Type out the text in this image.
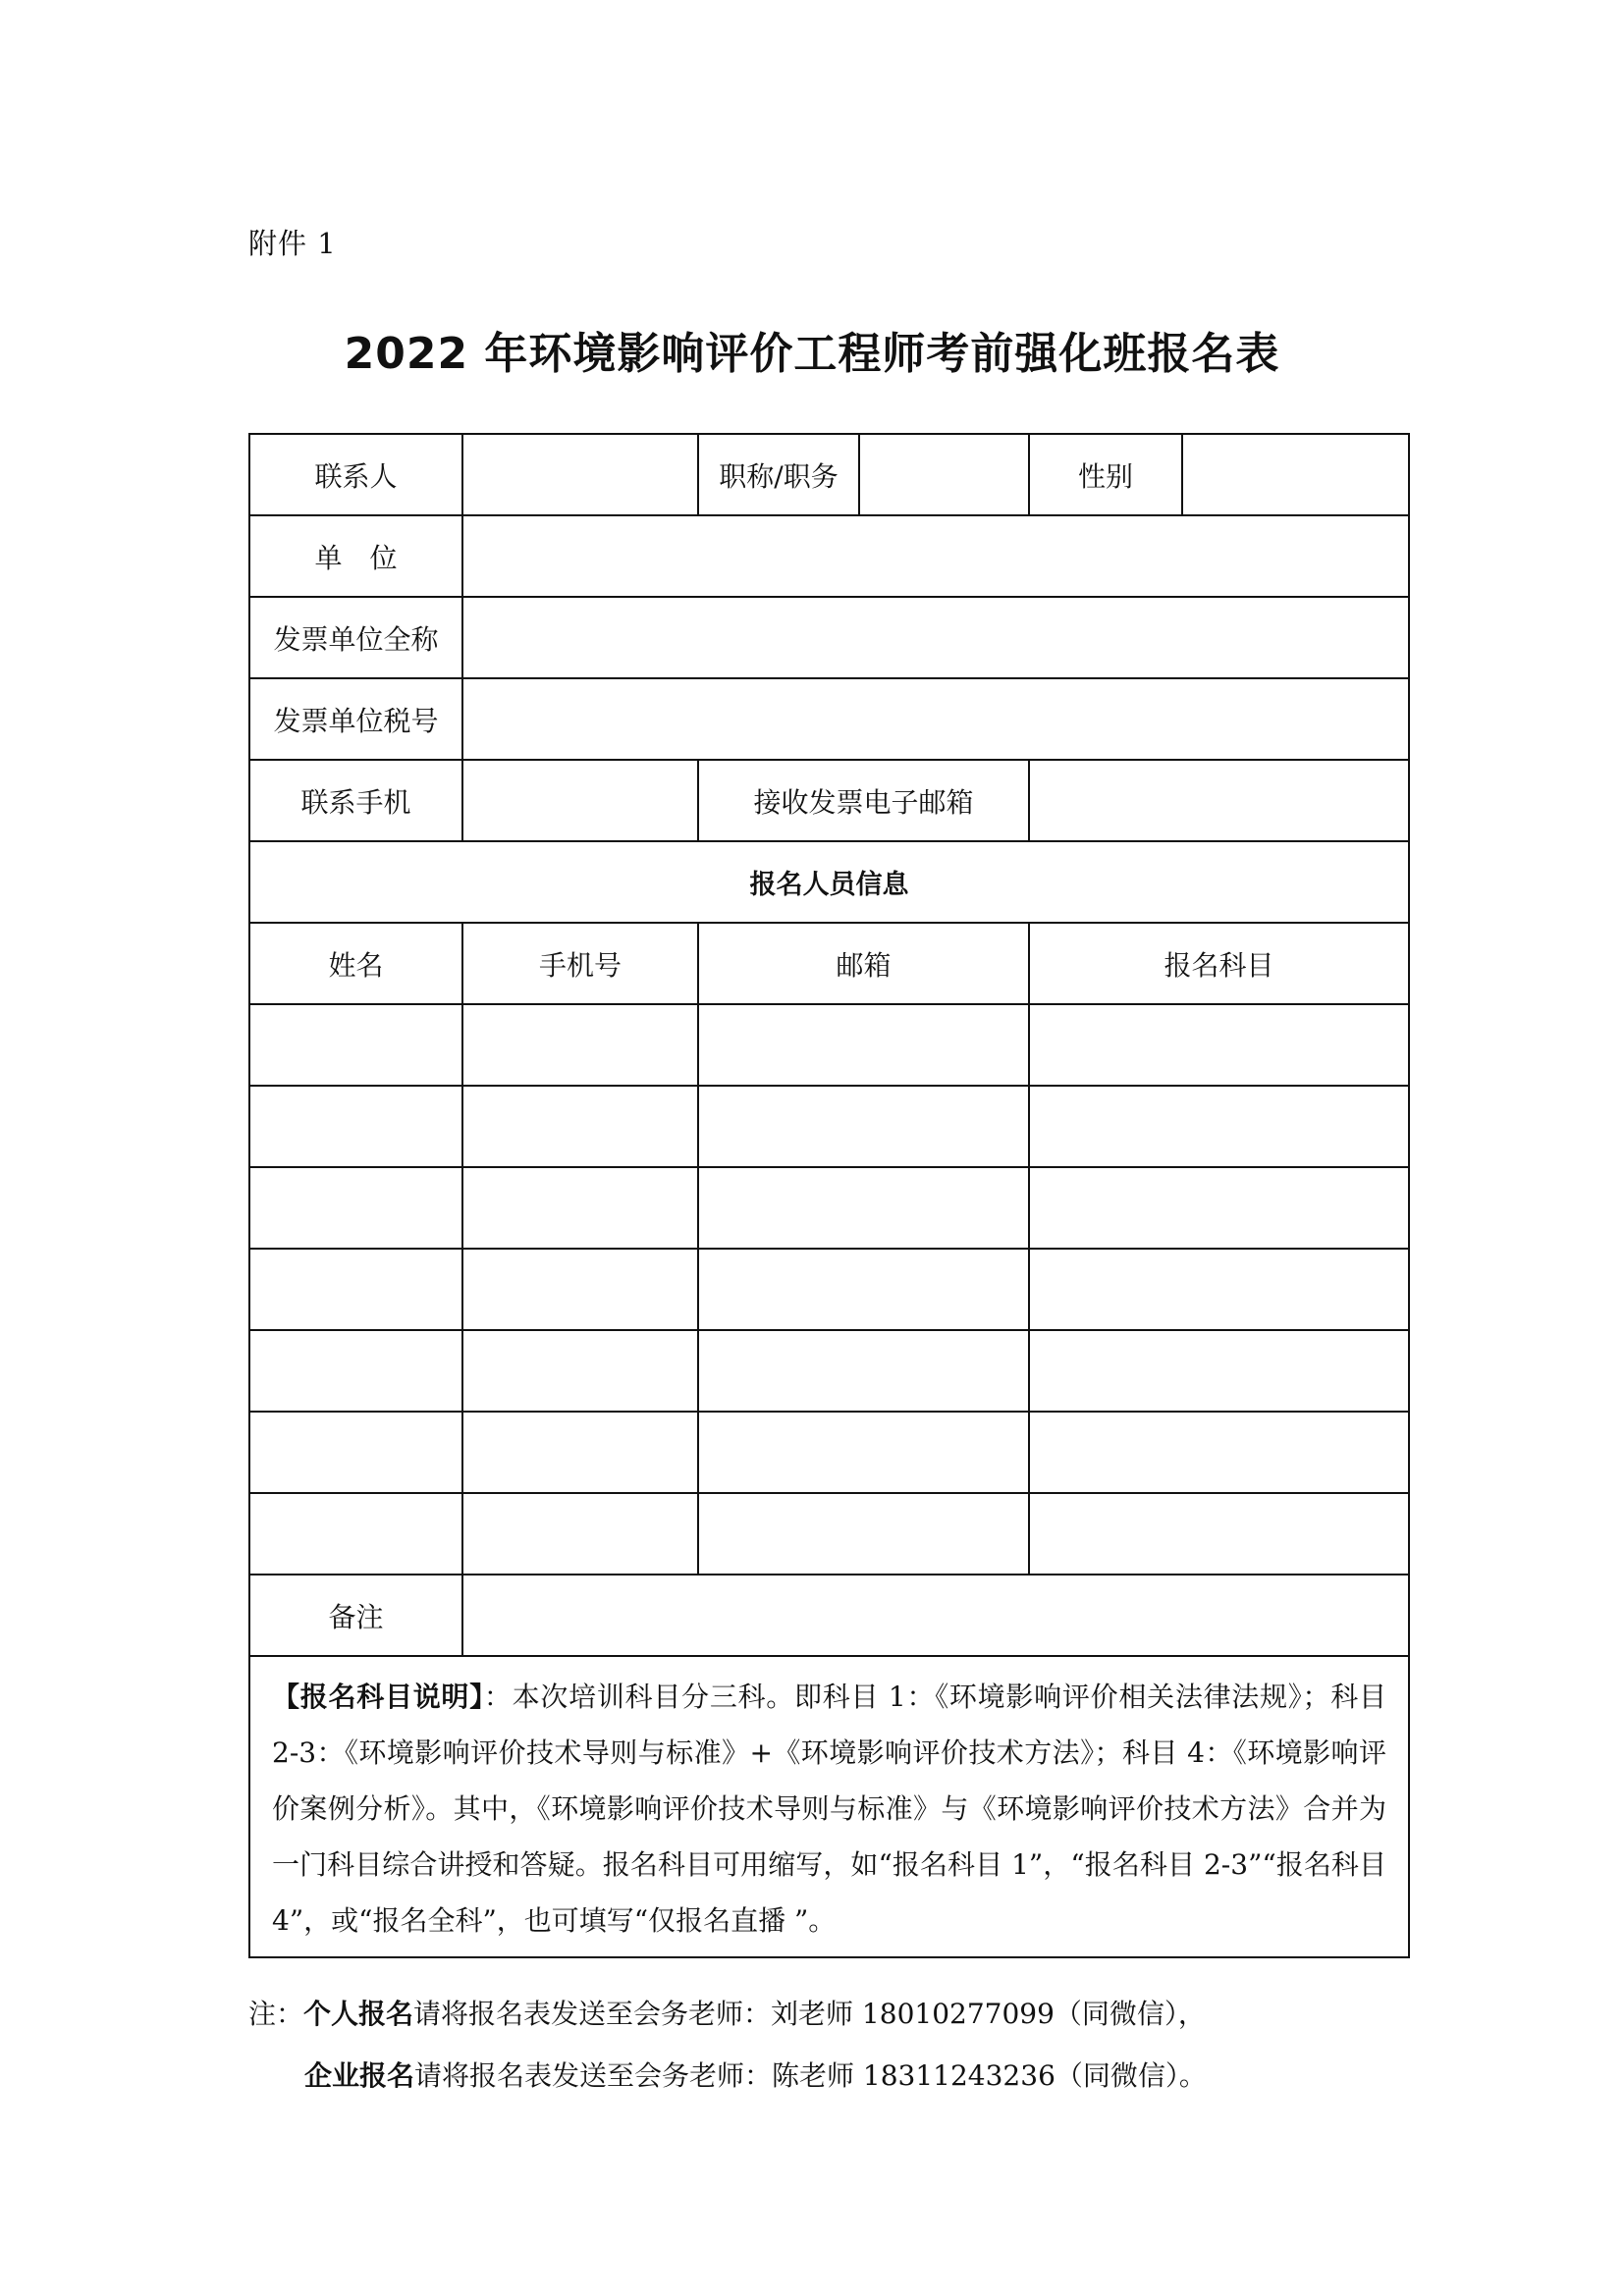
附件 1
2022 年环境影响评价工程师考前强化班报名表
联系人		职称/职务		性别	
单　位					
发票单位全称					
发票单位税号					
联系手机		接收发票电子邮箱			
报名人员信息					
姓名	手机号	邮箱		报名科目	

备注					
【报名科目说明】：本次培训科目分三科。即科目 1：《环境影响评价相关法律法规》；科目 2-3：《环境影响评价技术导则与标准》+《环境影响评价技术方法》；科目 4：《环境影响评价案例分析》。其中，《环境影响评价技术导则与标准》与《环境影响评价技术方法》合并为一门科目综合讲授和答疑。报名科目可用缩写，如“报名科目 1”，“报名科目 2-3”“报名科目 4”，或“报名全科”，也可填写“仅报名直播 ”。					
注：个人报名请将报名表发送至会务老师：刘老师 18010277099（同微信），
企业报名请将报名表发送至会务老师：陈老师 18311243236（同微信）。
